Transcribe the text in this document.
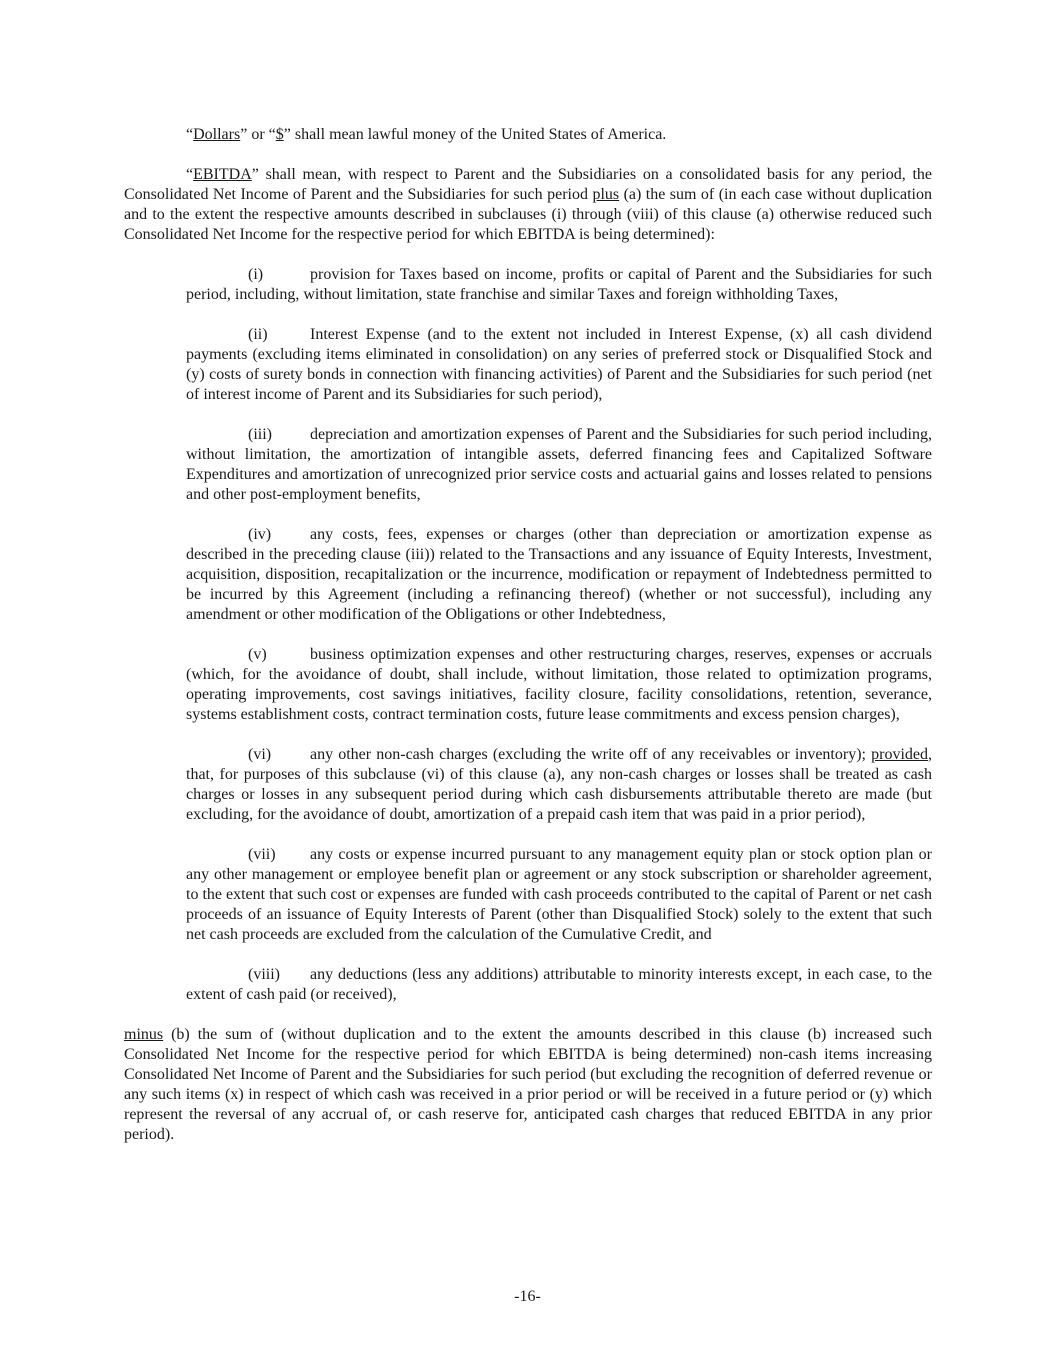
“Dollars” or “$” shall mean lawful money of the United States of America.

“EBITDA” shall mean, with respect to Parent and the Subsidiaries on a consolidated basis for any period, the Consolidated Net Income of Parent and the Subsidiaries for such period plus (a) the sum of (in each case without duplication and to the extent the respective amounts described in subclauses (i) through (viii) of this clause (a) otherwise reduced such Consolidated Net Income for the respective period for which EBITDA is being determined):

(i)	provision for Taxes based on income, profits or capital of Parent and the Subsidiaries for such period, including, without limitation, state franchise and similar Taxes and foreign withholding Taxes,

(ii)	Interest Expense (and to the extent not included in Interest Expense, (x) all cash dividend payments (excluding items eliminated in consolidation) on any series of preferred stock or Disqualified Stock and (y) costs of surety bonds in connection with financing activities) of Parent and the Subsidiaries for such period (net of interest income of Parent and its Subsidiaries for such period),

(iii) depreciation and amortization expenses of Parent and the Subsidiaries for such period including, without limitation, the amortization of intangible assets, deferred financing fees and Capitalized Software Expenditures and amortization of unrecognized prior service costs and actuarial gains and losses related to pensions and other post-employment benefits,

(iv) any costs, fees, expenses or charges (other than depreciation or amortization expense as described in the preceding clause (iii)) related to the Transactions and any issuance of Equity Interests, Investment, acquisition, disposition, recapitalization or the incurrence, modification or repayment of Indebtedness permitted to be incurred by this Agreement (including a refinancing thereof) (whether or not successful), including any amendment or other modification of the Obligations or other Indebtedness,

(v)	business optimization expenses and other restructuring charges, reserves, expenses or accruals (which, for the avoidance of doubt, shall include, without limitation, those related to optimization programs, operating improvements, cost savings initiatives, facility closure, facility consolidations, retention, severance, systems establishment costs, contract termination costs, future lease commitments and excess pension charges),

(vi) any other non-cash charges (excluding the write off of any receivables or inventory); provided, that, for purposes of this subclause (vi) of this clause (a), any non-cash charges or losses shall be treated as cash charges or losses in any subsequent period during which cash disbursements attributable thereto are made (but excluding, for the avoidance of doubt, amortization of a prepaid cash item that was paid in a prior period),

(vii) any costs or expense incurred pursuant to any management equity plan or stock option plan or any other management or employee benefit plan or agreement or any stock subscription or shareholder agreement, to the extent that such cost or expenses are funded with cash proceeds contributed to the capital of Parent or net cash proceeds of an issuance of Equity Interests of Parent (other than Disqualified Stock) solely to the extent that such net cash proceeds are excluded from the calculation of the Cumulative Credit, and

(viii) any deductions (less any additions) attributable to minority interests except, in each case, to the extent of cash paid (or received),

minus (b) the sum of (without duplication and to the extent the amounts described in this clause (b) increased such Consolidated Net Income for the respective period for which EBITDA is being determined) non-cash items increasing Consolidated Net Income of Parent and the Subsidiaries for such period (but excluding the recognition of deferred revenue or any such items (x) in respect of which cash was received in a prior period or will be received in a future period or (y) which represent the reversal of any accrual of, or cash reserve for, anticipated cash charges that reduced EBITDA in any prior period).

-16-
